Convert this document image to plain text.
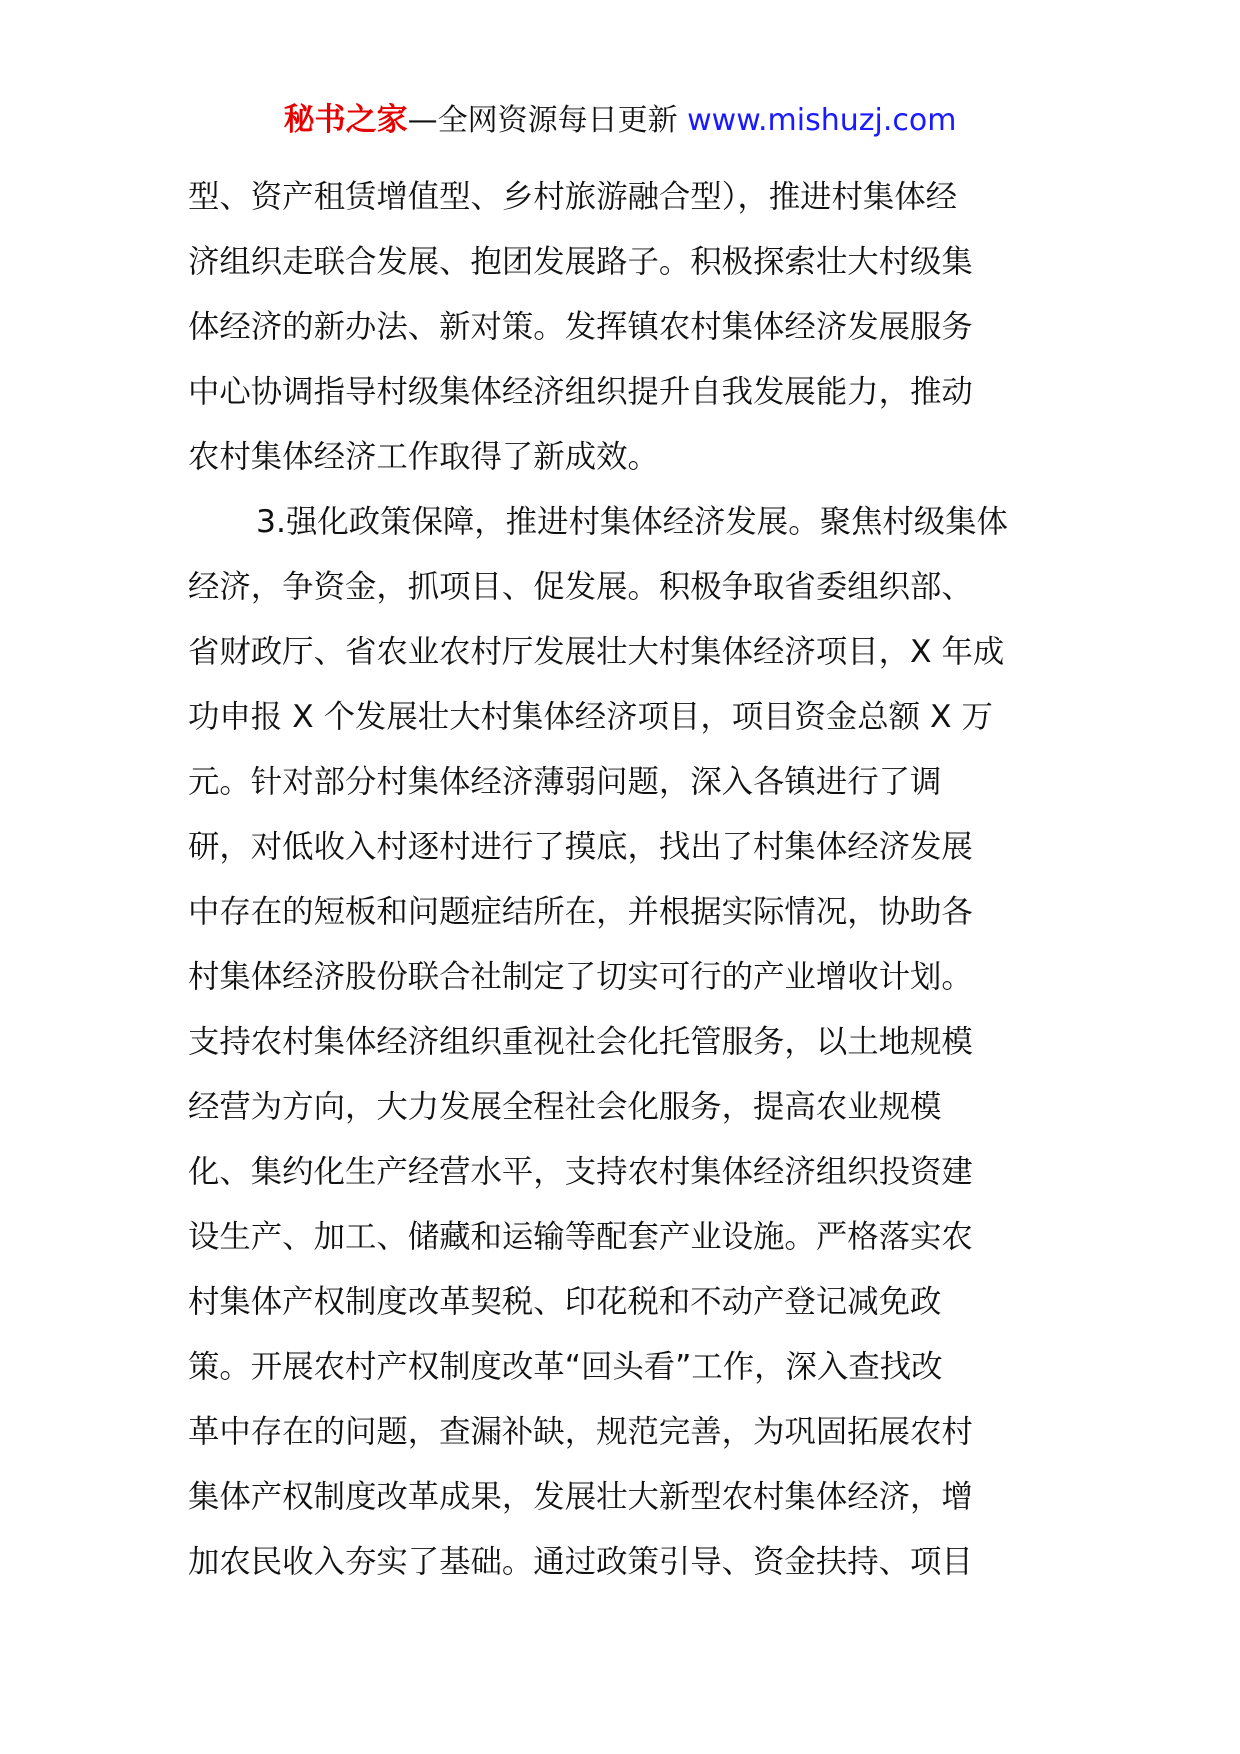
秘书之家—全网资源每日更新 www.mishuzj.com
型、资产租赁增值型、乡村旅游融合型），推进村集体经
济组织走联合发展、抱团发展路子。积极探索壮大村级集
体经济的新办法、新对策。发挥镇农村集体经济发展服务
中心协调指导村级集体经济组织提升自我发展能力，推动
农村集体经济工作取得了新成效。
3.强化政策保障，推进村集体经济发展。聚焦村级集体
经济，争资金，抓项目、促发展。积极争取省委组织部、
省财政厅、省农业农村厅发展壮大村集体经济项目，X 年成
功申报 X 个发展壮大村集体经济项目，项目资金总额 X 万
元。针对部分村集体经济薄弱问题，深入各镇进行了调
研，对低收入村逐村进行了摸底，找出了村集体经济发展
中存在的短板和问题症结所在，并根据实际情况，协助各
村集体经济股份联合社制定了切实可行的产业增收计划。
支持农村集体经济组织重视社会化托管服务，以土地规模
经营为方向，大力发展全程社会化服务，提高农业规模
化、集约化生产经营水平，支持农村集体经济组织投资建
设生产、加工、储藏和运输等配套产业设施。严格落实农
村集体产权制度改革契税、印花税和不动产登记减免政
策。开展农村产权制度改革“回头看”工作，深入查找改
革中存在的问题，查漏补缺，规范完善，为巩固拓展农村
集体产权制度改革成果，发展壮大新型农村集体经济，增
加农民收入夯实了基础。通过政策引导、资金扶持、项目
